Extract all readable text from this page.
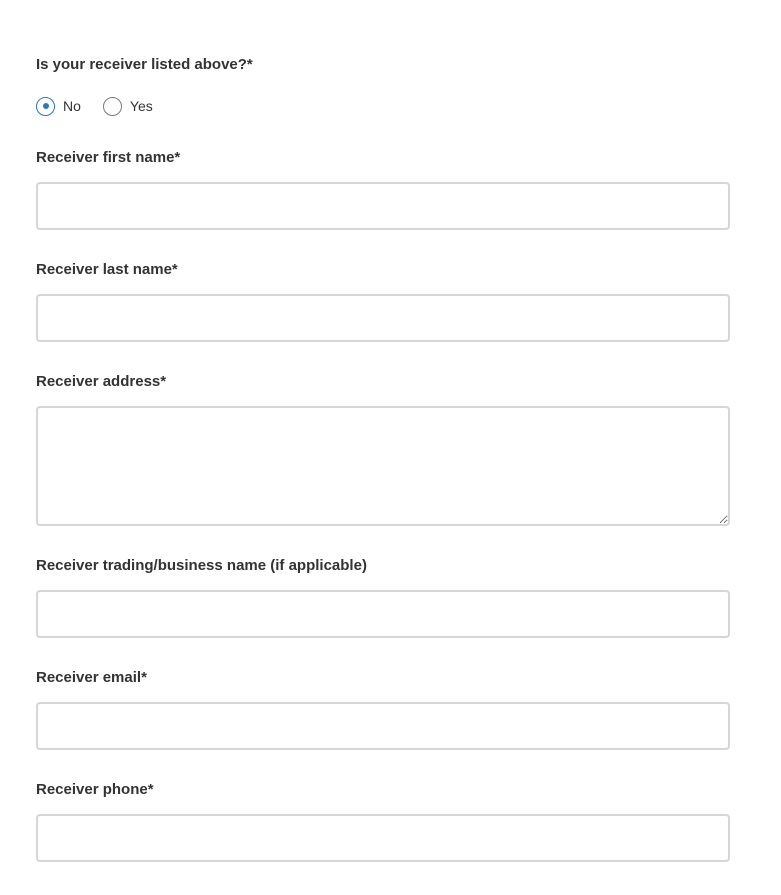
Is your receiver listed above?*
No	Yes
Receiver first name*
Receiver last name*
Receiver address*
Receiver trading/business name (if applicable)
Receiver email*
Receiver phone*
